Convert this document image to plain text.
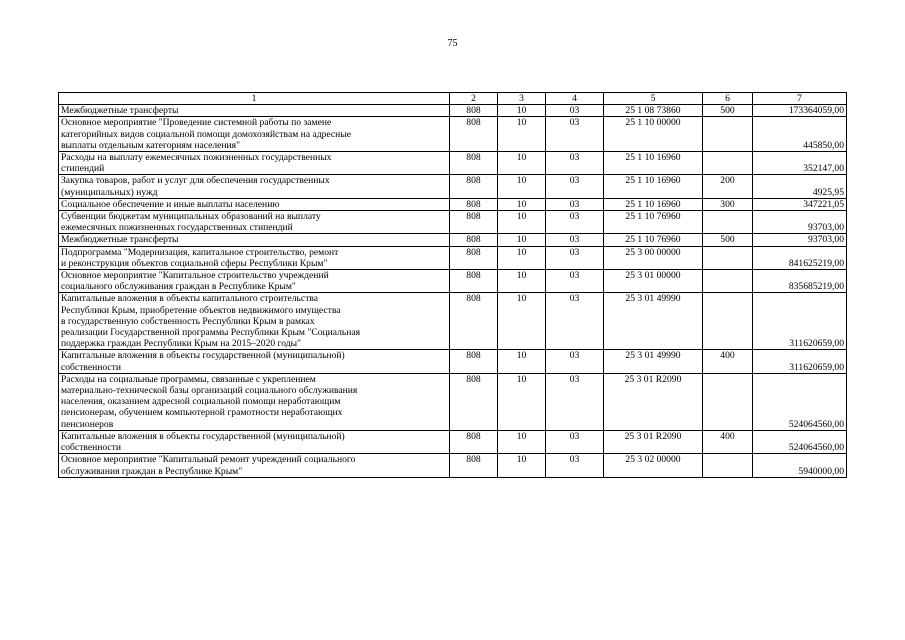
75
1	2	3	4	5	6	7
Межбюджетные трансферты	808	10	03	25 1 08 73860	500	173364059,00
Основное мероприятие "Проведение системной работы по замене
категорийных видов социальной помощи домохозяйствам на адресные
выплаты отдельным категориям населения"	808	10	03	25 1 10 00000		445850,00
Расходы на выплату ежемесячных пожизненных государственных
стипендий	808	10	03	25 1 10 16960		352147,00
Закупка товаров, работ и услуг для обеспечения государственных
(муниципальных) нужд	808	10	03	25 1 10 16960	200	4925,95
Социальное обеспечение и иные выплаты населению	808	10	03	25 1 10 16960	300	347221,05
Субвенции бюджетам муниципальных образований на выплату
ежемесячных пожизненных государственных стипендий	808	10	03	25 1 10 76960		93703,00
Межбюджетные трансферты	808	10	03	25 1 10 76960	500	93703,00
Подпрограмма "Модернизация, капитальное строительство, ремонт
и реконструкция объектов социальной сферы Республики Крым"	808	10	03	25 3 00 00000		841625219,00
Основное мероприятие "Капитальное строительство учреждений
социального обслуживания граждан в Республике Крым"	808	10	03	25 3 01 00000		835685219,00
Капитальные вложения в объекты капитального строительства
Республики Крым, приобретение объектов недвижимого имущества
в государственную собственность Республики Крым в рамках
реализации Государственной программы Республики Крым "Социальная
поддержка граждан Республики Крым на 2015–2020 годы"	808	10	03	25 3 01 49990		311620659,00
Капитальные вложения в объекты государственной (муниципальной)
собственности	808	10	03	25 3 01 49990	400	311620659,00
Расходы на социальные программы, связанные с укреплением
материально-технической базы организаций социального обслуживания
населения, оказанием адресной социальной помощи неработающим
пенсионерам, обучением компьютерной грамотности неработающих
пенсионеров	808	10	03	25 3 01 R2090		524064560,00
Капитальные вложения в объекты государственной (муниципальной)
собственности	808	10	03	25 3 01 R2090	400	524064560,00
Основное мероприятие "Капитальный ремонт учреждений социального
обслуживания граждан в Республике Крым"	808	10	03	25 3 02 00000		5940000,00
